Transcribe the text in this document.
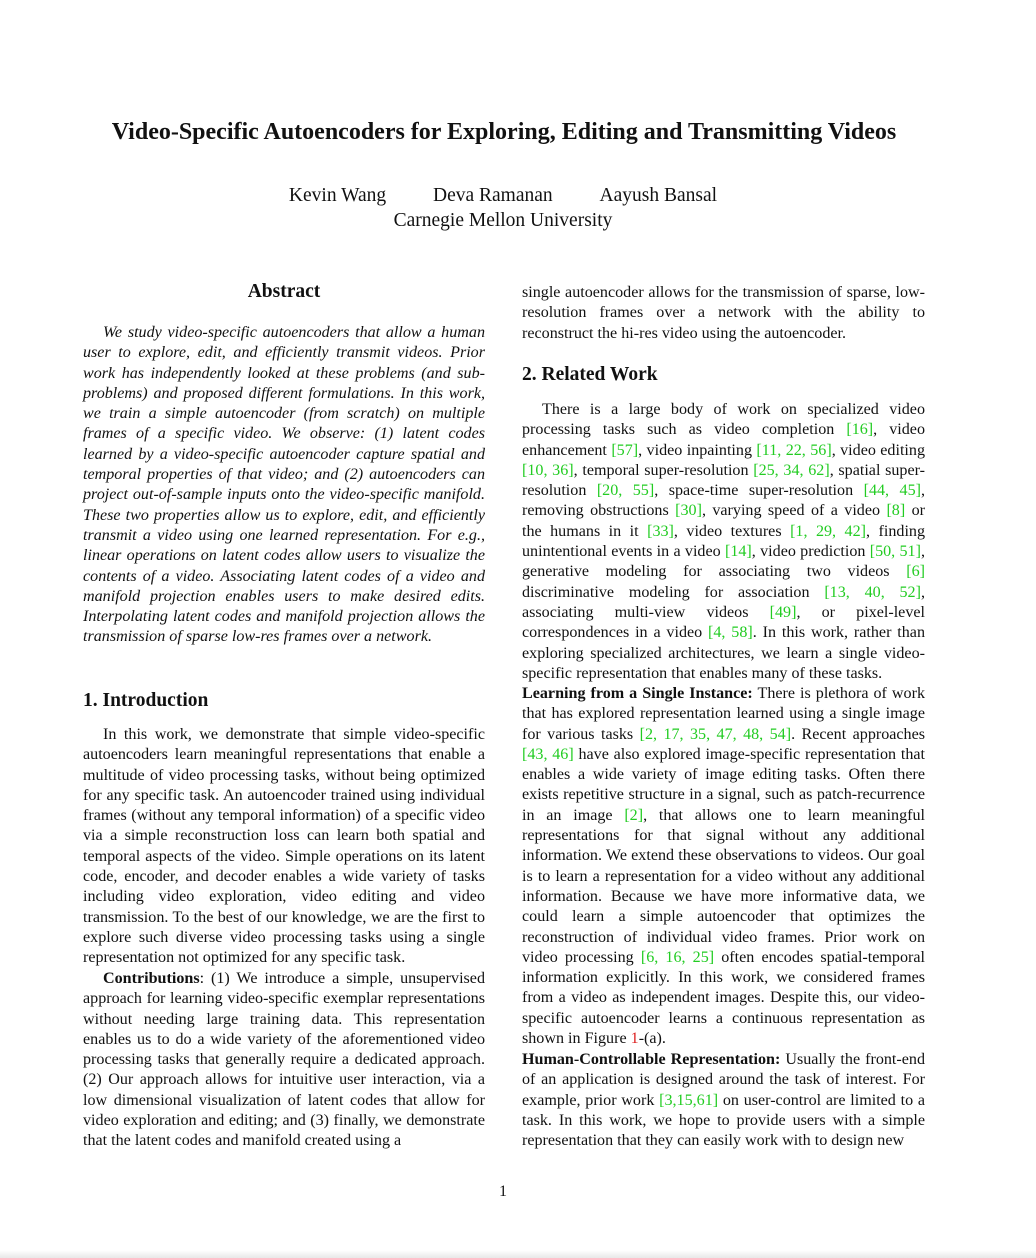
Video-Specific Autoencoders for Exploring, Editing and Transmitting Videos
Kevin Wang Deva Ramanan Aayush Bansal
Carnegie Mellon University
Abstract

We study video-specific autoencoders that allow a human user to explore, edit, and efficiently transmit videos. Prior work has independently looked at these problems (and sub-problems) and proposed different formulations. In this work, we train a simple autoencoder (from scratch) on multiple frames of a specific video. We observe: (1) latent codes learned by a video-specific autoencoder capture spatial and temporal properties of that video; and (2) autoencoders can project out-of-sample inputs onto the video-specific manifold. These two properties allow us to explore, edit, and efficiently transmit a video using one learned representation. For e.g., linear operations on latent codes allow users to visualize the contents of a video. Associating latent codes of a video and manifold projection enables users to make desired edits. Interpolating latent codes and manifold projection allows the transmission of sparse low-res frames over a network.

1. Introduction

In this work, we demonstrate that simple video-specific autoencoders learn meaningful representations that enable a multitude of video processing tasks, without being optimized for any specific task. An autoencoder trained using individual frames (without any temporal information) of a specific video via a simple reconstruction loss can learn both spatial and temporal aspects of the video. Simple operations on its latent code, encoder, and decoder enables a wide variety of tasks including video exploration, video editing and video transmission. To the best of our knowledge, we are the first to explore such diverse video processing tasks using a single representation not optimized for any specific task.

Contributions: (1) We introduce a simple, unsupervised approach for learning video-specific exemplar representations without needing large training data. This representation enables us to do a wide variety of the aforementioned video processing tasks that generally require a dedicated approach. (2) Our approach allows for intuitive user interaction, via a low dimensional visualization of latent codes that allow for video exploration and editing; and (3) finally, we demonstrate that the latent codes and manifold created using a

single autoencoder allows for the transmission of sparse, low-resolution frames over a network with the ability to reconstruct the hi-res video using the autoencoder.

2. Related Work

There is a large body of work on specialized video processing tasks such as video completion [16], video enhancement [57], video inpainting [11, 22, 56], video editing [10, 36], temporal super-resolution [25, 34, 62], spatial super-resolution [20, 55], space-time super-resolution [44, 45], removing obstructions [30], varying speed of a video [8] or the humans in it [33], video textures [1, 29, 42], finding unintentional events in a video [14], video prediction [50, 51], generative modeling for associating two videos [6] discriminative modeling for association [13, 40, 52], associating multi-view videos [49], or pixel-level correspondences in a video [4, 58]. In this work, rather than exploring specialized architectures, we learn a single video-specific representation that enables many of these tasks.

Learning from a Single Instance: There is plethora of work that has explored representation learned using a single image for various tasks [2, 17, 35, 47, 48, 54]. Recent approaches [43, 46] have also explored image-specific representation that enables a wide variety of image editing tasks. Often there exists repetitive structure in a signal, such as patch-recurrence in an image [2], that allows one to learn meaningful representations for that signal without any additional information. We extend these observations to videos. Our goal is to learn a representation for a video without any additional information. Because we have more informative data, we could learn a simple autoencoder that optimizes the reconstruction of individual video frames. Prior work on video processing [6, 16, 25] often encodes spatial-temporal information explicitly. In this work, we considered frames from a video as independent images. Despite this, our video-specific autoencoder learns a continuous representation as shown in Figure 1-(a).

Human-Controllable Representation: Usually the front-end of an application is designed around the task of interest. For example, prior work [3,15,61] on user-control are limited to a task. In this work, we hope to provide users with a simple representation that they can easily work with to design new

1
